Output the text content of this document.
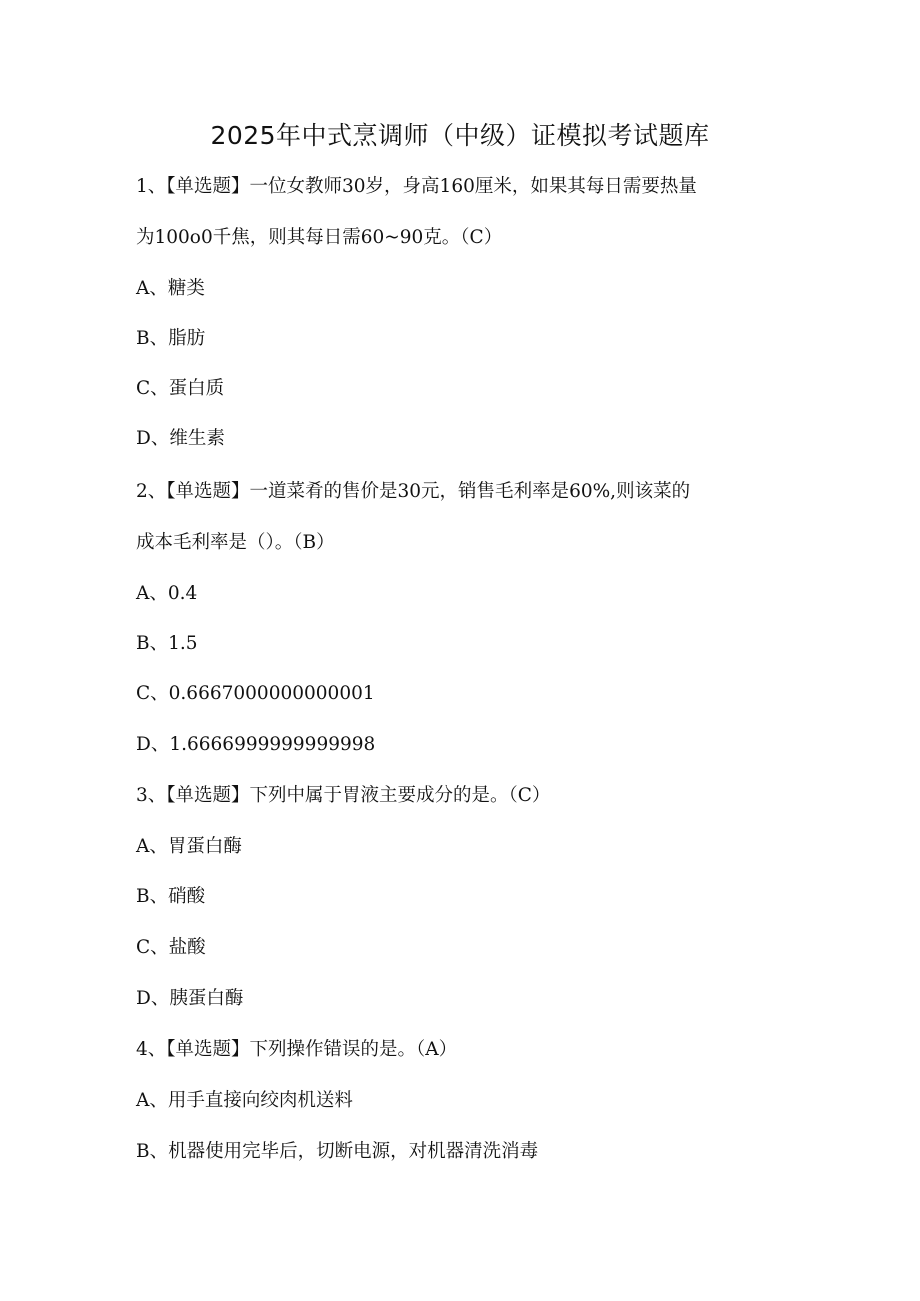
2025年中式烹调师（中级）证模拟考试题库
1、【单选题】一位女教师30岁，身高160厘米，如果其每日需要热量
为100o0千焦，则其每日需60~90克。（C）
A、糖类
B、脂肪
C、蛋白质
D、维生素
2、【单选题】一道菜肴的售价是30元，销售毛利率是60%,则该菜的
成本毛利率是（）。（B）
A、0.4
B、1.5
C、0.6667000000000001
D、1.6666999999999998
3、【单选题】下列中属于胃液主要成分的是。（C）
A、胃蛋白酶
B、硝酸
C、盐酸
D、胰蛋白酶
4、【单选题】下列操作错误的是。（A）
A、用手直接向绞肉机送料
B、机器使用完毕后，切断电源，对机器清洗消毒
